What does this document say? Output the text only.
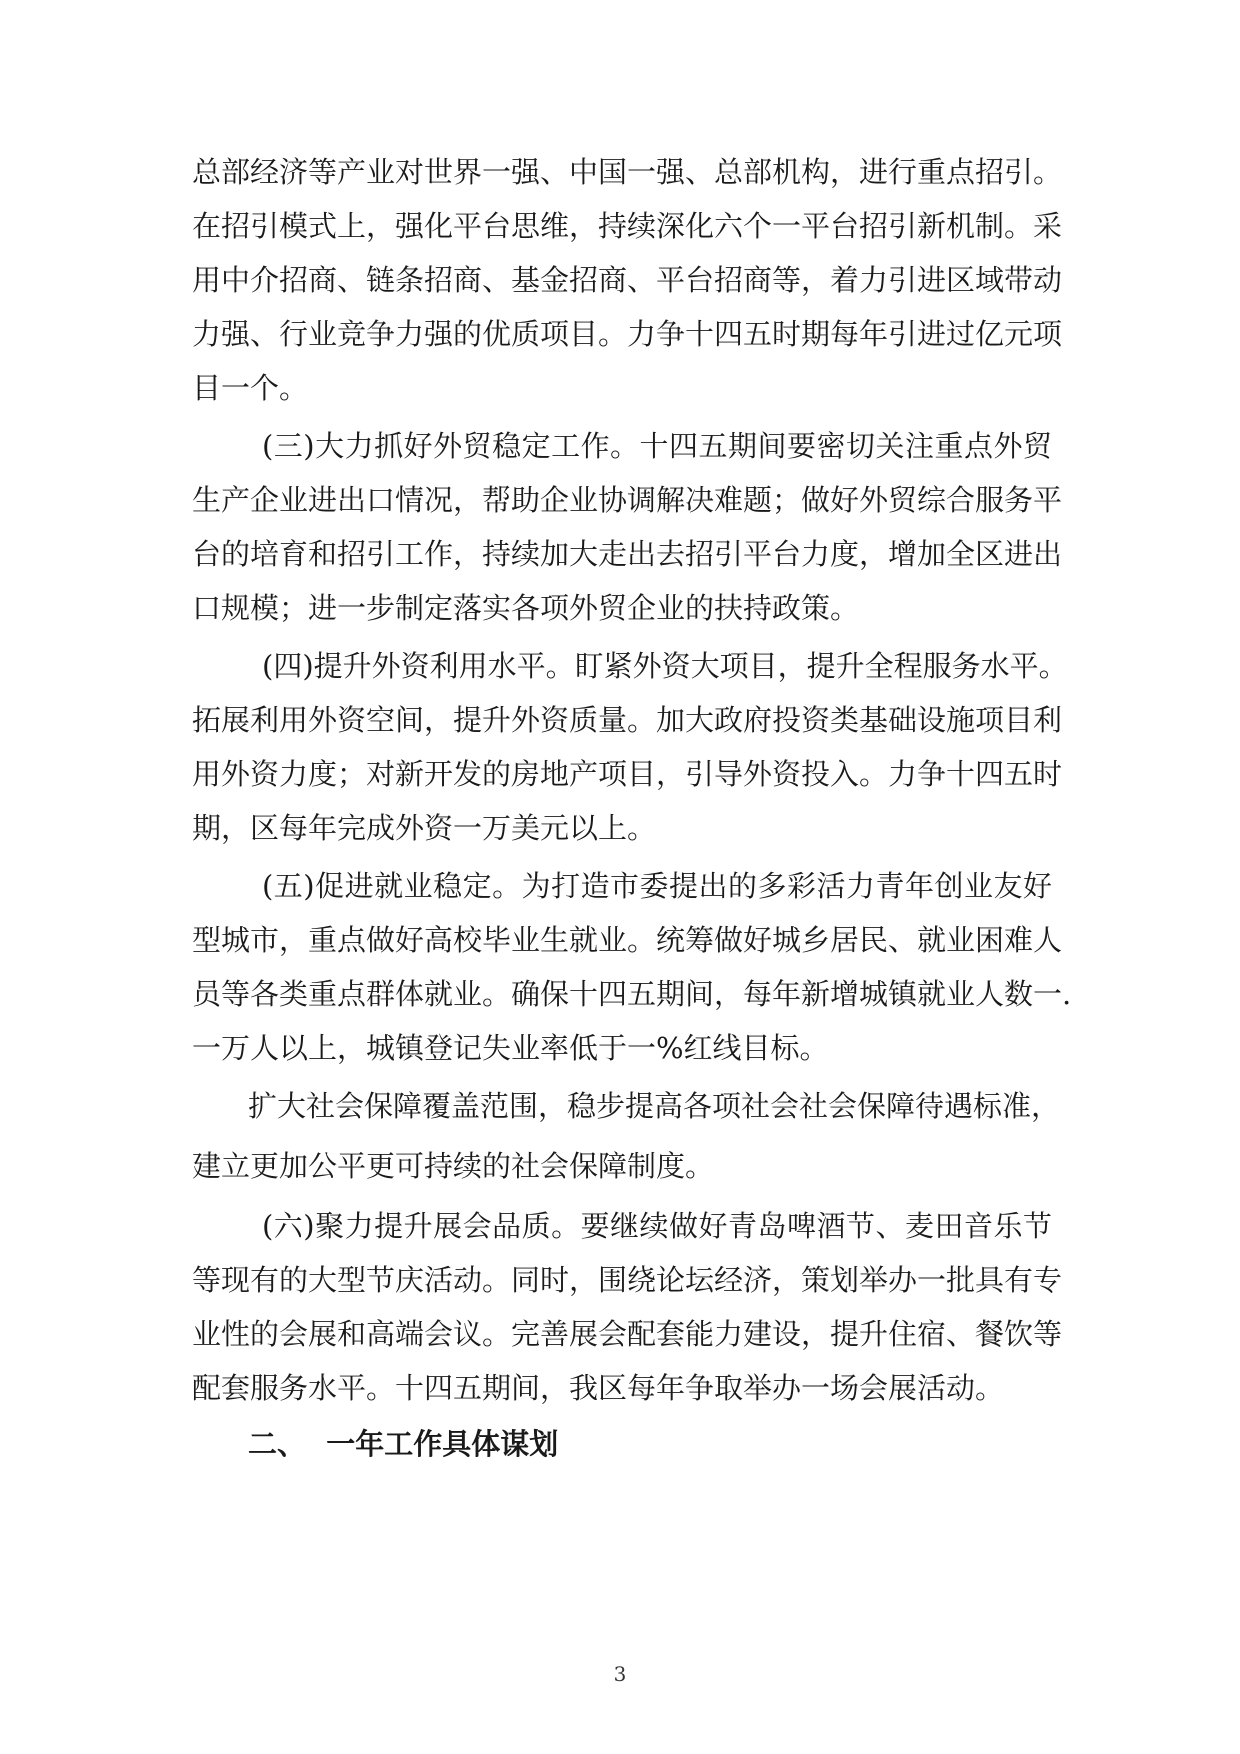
总部经济等产业对世界一强、中国一强、总部机构，进行重点招引。

在招引模式上，强化平台思维，持续深化六个一平台招引新机制。采

用中介招商、链条招商、基金招商、平台招商等，着力引进区域带动

力强、行业竞争力强的优质项目。力争十四五时期每年引进过亿元项

目一个。

(三)大力抓好外贸稳定工作。十四五期间要密切关注重点外贸

生产企业进出口情况，帮助企业协调解决难题；做好外贸综合服务平

台的培育和招引工作，持续加大走出去招引平台力度，增加全区进出

口规模；进一步制定落实各项外贸企业的扶持政策。

(四)提升外资利用水平。盯紧外资大项目，提升全程服务水平。

拓展利用外资空间，提升外资质量。加大政府投资类基础设施项目利

用外资力度；对新开发的房地产项目，引导外资投入。力争十四五时

期，区每年完成外资一万美元以上。

(五)促进就业稳定。为打造市委提出的多彩活力青年创业友好

型城市，重点做好高校毕业生就业。统筹做好城乡居民、就业困难人

员等各类重点群体就业。确保十四五期间，每年新增城镇就业人数一.

一万人以上，城镇登记失业率低于一%红线目标。

扩大社会保障覆盖范围，稳步提高各项社会社会保障待遇标准，

建立更加公平更可持续的社会保障制度。

(六)聚力提升展会品质。要继续做好青岛啤酒节、麦田音乐节

等现有的大型节庆活动。同时，围绕论坛经济，策划举办一批具有专

业性的会展和高端会议。完善展会配套能力建设，提升住宿、餐饮等

配套服务水平。十四五期间，我区每年争取举办一场会展活动。

二、  一年工作具体谋划

3
